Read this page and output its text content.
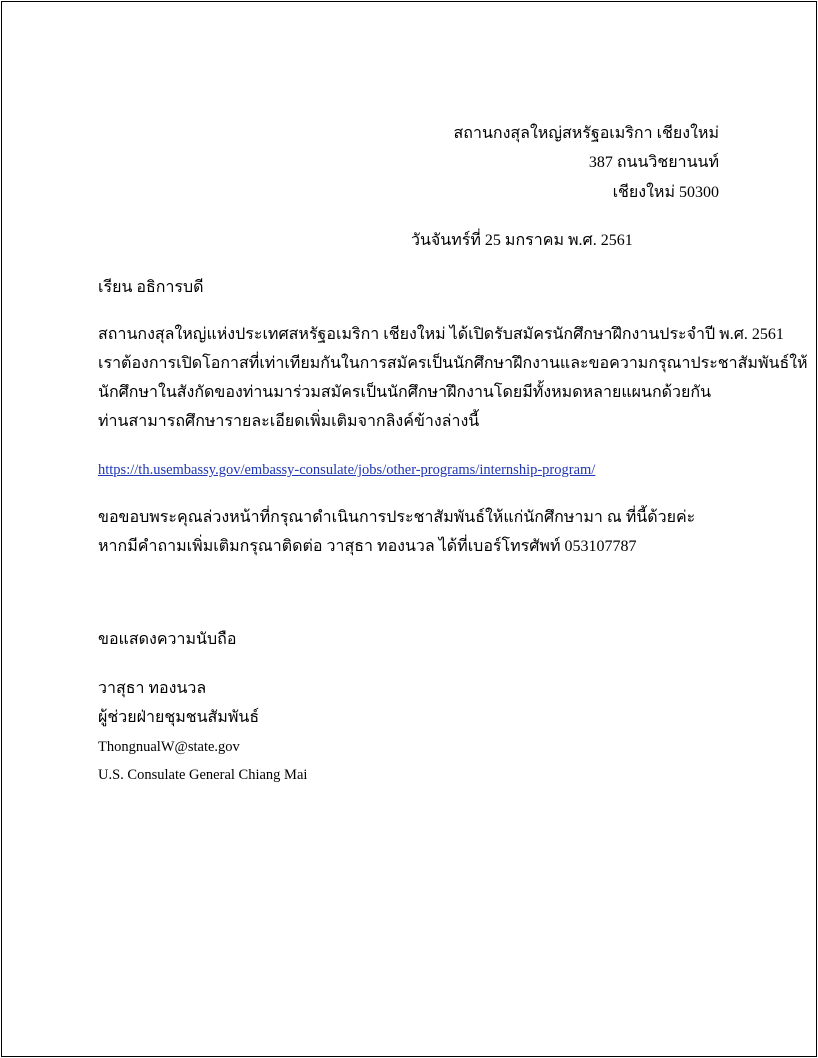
สถานกงสุลใหญ่สหรัฐอเมริกา เชียงใหม่
387 ถนนวิชยานนท์
เชียงใหม่ 50300
วันจันทร์ที่ 25 มกราคม พ.ศ. 2561
เรียน อธิการบดี
สถานกงสุลใหญ่แห่งประเทศสหรัฐอเมริกา เชียงใหม่ ได้เปิดรับสมัครนักศึกษาฝึกงานประจำปี พ.ศ. 2561
เราต้องการเปิดโอกาสที่เท่าเทียมกันในการสมัครเป็นนักศึกษาฝึกงานและขอความกรุณาประชาสัมพันธ์ให้
นักศึกษาในสังกัดของท่านมาร่วมสมัครเป็นนักศึกษาฝึกงานโดยมีทั้งหมดหลายแผนกด้วยกัน
ท่านสามารถศึกษารายละเอียดเพิ่มเติมจากลิงค์ข้างล่างนี้
https://th.usembassy.gov/embassy-consulate/jobs/other-programs/internship-program/
ขอขอบพระคุณล่วงหน้าที่กรุณาดำเนินการประชาสัมพันธ์ให้แก่นักศึกษามา ณ ที่นี้ด้วยค่ะ
หากมีคำถามเพิ่มเติมกรุณาติดต่อ วาสุธา ทองนวล ได้ที่เบอร์โทรศัพท์ 053107787
ขอแสดงความนับถือ
วาสุธา ทองนวล
ผู้ช่วยฝ่ายชุมชนสัมพันธ์
ThongnualW@state.gov
U.S. Consulate General Chiang Mai
